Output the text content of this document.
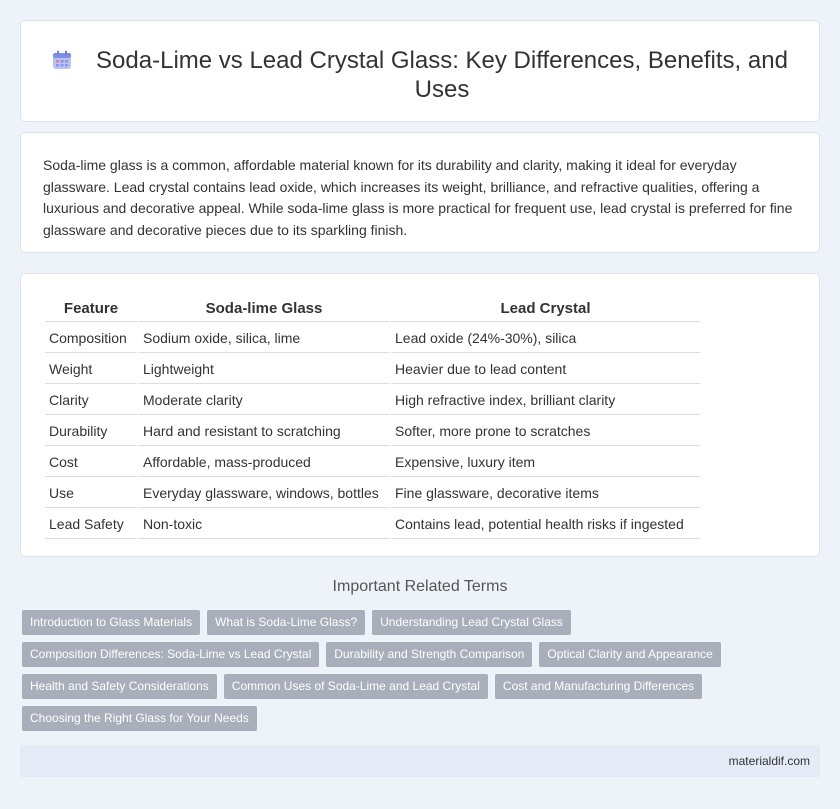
Soda-Lime vs Lead Crystal Glass: Key Differences, Benefits, and Uses

Soda-lime glass is a common, affordable material known for its durability and clarity, making it ideal for everyday glassware. Lead crystal contains lead oxide, which increases its weight, brilliance, and refractive qualities, offering a luxurious and decorative appeal. While soda-lime glass is more practical for frequent use, lead crystal is preferred for fine glassware and decorative pieces due to its sparkling finish.

Feature	Soda-lime Glass	Lead Crystal
Composition	Sodium oxide, silica, lime	Lead oxide (24%-30%), silica
Weight	Lightweight	Heavier due to lead content
Clarity	Moderate clarity	High refractive index, brilliant clarity
Durability	Hard and resistant to scratching	Softer, more prone to scratches
Cost	Affordable, mass-produced	Expensive, luxury item
Use	Everyday glassware, windows, bottles	Fine glassware, decorative items
Lead Safety	Non-toxic	Contains lead, potential health risks if ingested
Important Related Terms
Introduction to Glass Materials	What is Soda-Lime Glass?	Understanding Lead Crystal Glass
Composition Differences: Soda-Lime vs Lead Crystal	Durability and Strength Comparison	Optical Clarity and Appearance
Health and Safety Considerations	Common Uses of Soda-Lime and Lead Crystal	Cost and Manufacturing Differences
Choosing the Right Glass for Your Needs
materialdif.com
